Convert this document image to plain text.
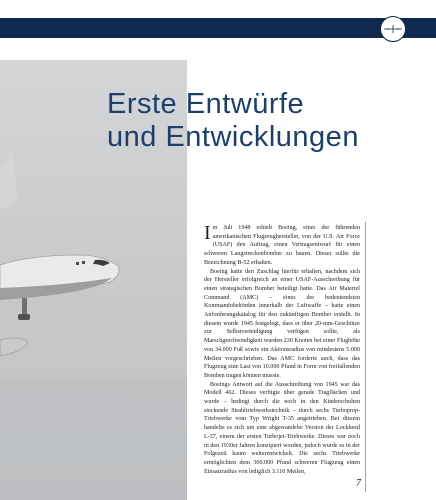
Erste Entwürfe
und Entwicklungen

Im Juli 1948 erhielt Boeing, einer der führenden amerikanischen Flugzeughersteller, von der U.S. Air Force (USAF) den Auftrag, einen Vertragsentwurf für einen schweren Langstreckenbomber zu bauen. Dieser sollte die Bezeichnung B-52 erhalten.

Boeing hatte den Zuschlag hierfür erhalten, nachdem sich der Hersteller erfolgreich an einer USAF-Ausschreibung für einen strategischen Bomber beteiligt hatte. Das Air Materiel Command (AMC) – eines der bedeutendsten Kommandobehörden innerhalb der Luftwaffe – hatte einen Anforderungskatalog für den zukünftigen Bomber erstellt. In diesem wurde 1945 festgelegt, dass er über 20-mm-Geschütze zur Selbstverteidigung verfügen sollte, als Marschgeschwindigkeit wurden 230 Knoten bei einer Flughöhe von 34.000 Fuß sowie ein Aktionsradius von mindestens 5.000 Meilen vorgeschrieben. Das AMC forderte auch, dass das Flugzeug eine Last von 10.000 Pfund in Form von freifallenden Bomben tragen können musste.

Boeings Antwort auf die Ausschreibung von 1945 war das Modell 462. Dieses verfügte über gerade Tragflächen und wurde – bedingt durch die noch in den Kinderschuhen steckende Strahltriebwerkstechnik – durch sechs Turboprop-Triebwerke vom Typ Wright T-35 angetrieben. Bei diesem handelte es sich um eine abgewandelte Version der Lockheed L-37, einem der ersten Turbojet-Triebwerke. Dieses war noch in den 1930er Jahren konzipiert worden, jedoch wurde es in der Folgezeit kaum weiterentwickelt. Die sechs Triebwerke ermöglichten dem 300.000 Pfund schweren Flugzeug einen Einsatzradius von lediglich 3.110 Meilen,

7
